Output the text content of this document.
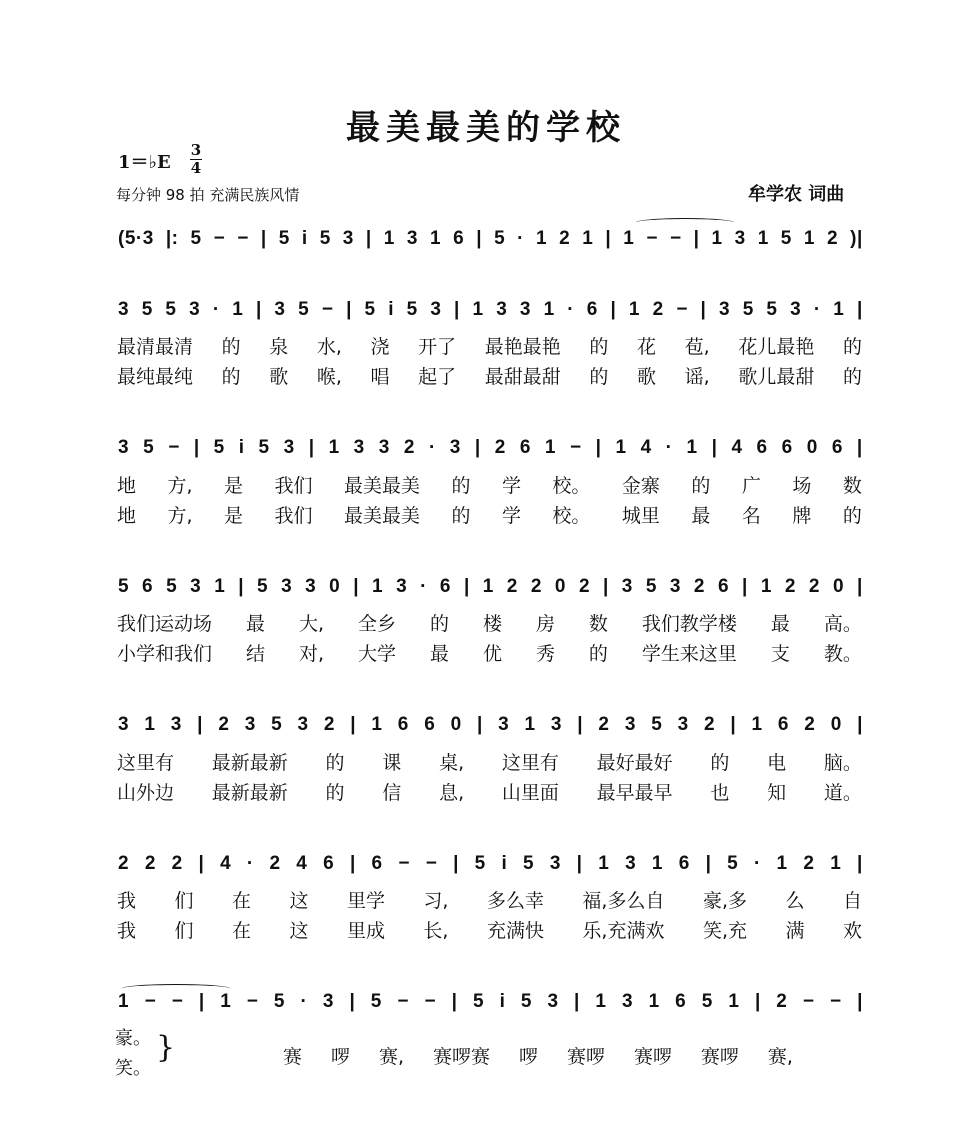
最美最美的学校
1＝♭E
3
4
每分钟 98 拍 充满民族风情	牟学农 词曲
(5·3 |: 5 − − | 5 i 5 3 | 1 3 1 6 | 5 · 1 2 1 | 1 − − | 1 3 1 5 1 2 )|
3 5 5 3 · 1 | 3 5 − | 5 i 5 3 | 1 3 3 1 · 6 | 1 2 − | 3 5 5 3 · 1 |
最清最清 的 泉 水, 浇 开了 最艳最艳 的 花 苞, 花儿最艳 的
最纯最纯 的 歌 喉, 唱 起了 最甜最甜 的 歌 谣, 歌儿最甜 的
3 5 − | 5 i 5 3 | 1 3 3 2 · 3 | 2 6 1 − | 1 4 · 1 | 4 6 6 0 6 |
地 方, 是 我们 最美最美 的 学 校。 金寨 的 广 场 数
地 方, 是 我们 最美最美 的 学 校。 城里 最 名 牌 的
5 6 5 3 1 | 5 3 3 0 | 1 3 · 6 | 1 2 2 0 2 | 3 5 3 2 6 | 1 2 2 0 |
我们运动场 最 大, 全乡 的 楼 房 数 我们教学楼 最 高。
小学和我们 结 对, 大学 最 优 秀 的 学生来这里 支 教。
3 1 3 | 2 3 5 3 2 | 1 6 6 0 | 3 1 3 | 2 3 5 3 2 | 1 6 2 0 |
这里有 最新最新 的 课 桌, 这里有 最好最好 的 电 脑。
山外边 最新最新 的 信 息, 山里面 最早最早 也 知 道。
2 2 2 | 4 · 2 4 6 | 6 − − | 5 i 5 3 | 1 3 1 6 | 5 · 1 2 1 |
我 们 在 这 里学 习, 多么幸 福,多么自 豪,多 么 自
我 们 在 这 里成 长, 充满快 乐,充满欢 笑,充 满 欢
1 − − | 1 − 5 · 3 | 5 − − | 5 i 5 3 | 1 3 1 6 5 1 | 2 − − |
豪。
笑。
}	赛 啰 赛, 赛啰赛 啰 赛啰 赛啰 赛啰 赛,
